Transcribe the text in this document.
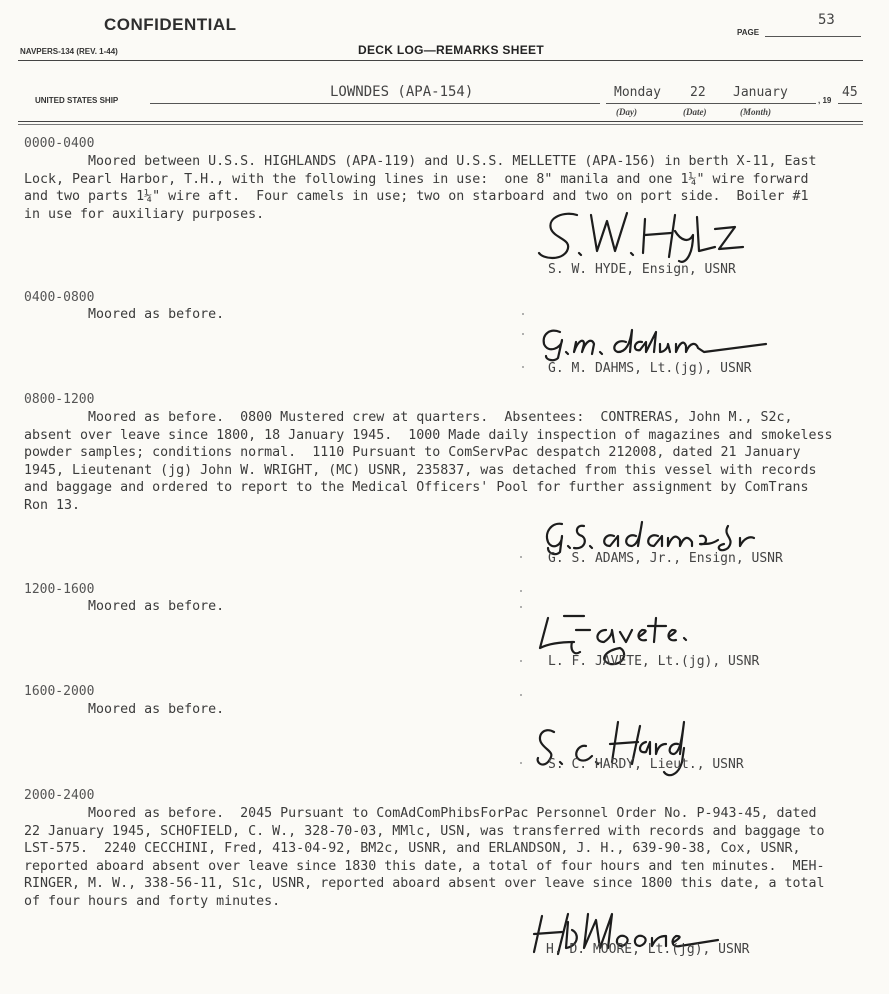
CONFIDENTIAL
NAVPERS-134 (REV. 1-44)	DECK LOG—REMARKS SHEET
PAGE
53
UNITED STATES SHIP
LOWNDES (APA-154)	Monday 22 January
, 19
45
(Day)	(Date)	(Month)
0000-0400
Moored between U.S.S. HIGHLANDS (APA-119) and U.S.S. MELLETTE (APA-156) in berth X-11, East
Lock, Pearl Harbor, T.H., with the following lines in use:  one 8" manila and one 1¼" wire forward
and two parts 1¼" wire aft.  Four camels in use; two on starboard and two on port side.  Boiler #1
in use for auxiliary purposes.
S. W. HYDE, Ensign, USNR
0400-0800
Moored as before.
G. M. DAHMS, Lt.(jg), USNR
0800-1200
Moored as before.  0800 Mustered crew at quarters.  Absentees:  CONTRERAS, John M., S2c,
absent over leave since 1800, 18 January 1945.  1000 Made daily inspection of magazines and smokeless
powder samples; conditions normal.  1110 Pursuant to ComServPac despatch 212008, dated 21 January
1945, Lieutenant (jg) John W. WRIGHT, (MC) USNR, 235837, was detached from this vessel with records
and baggage and ordered to report to the Medical Officers' Pool for further assignment by ComTrans
Ron 13.
G. S. ADAMS, Jr., Ensign, USNR
1200-1600
Moored as before.
L. F. JAVETE, Lt.(jg), USNR
1600-2000
Moored as before.
S. C. HARDY, Lieut., USNR
2000-2400
Moored as before.  2045 Pursuant to ComAdComPhibsForPac Personnel Order No. P-943-45, dated
22 January 1945, SCHOFIELD, C. W., 328-70-03, MMlc, USN, was transferred with records and baggage to
LST-575.  2240 CECCHINI, Fred, 413-04-92, BM2c, USNR, and ERLANDSON, J. H., 639-90-38, Cox, USNR,
reported aboard absent over leave since 1830 this date, a total of four hours and ten minutes.  MEH-
RINGER, M. W., 338-56-11, S1c, USNR, reported aboard absent over leave since 1800 this date, a total
of four hours and forty minutes.
H. D. MOORE, Lt.(jg), USNR
